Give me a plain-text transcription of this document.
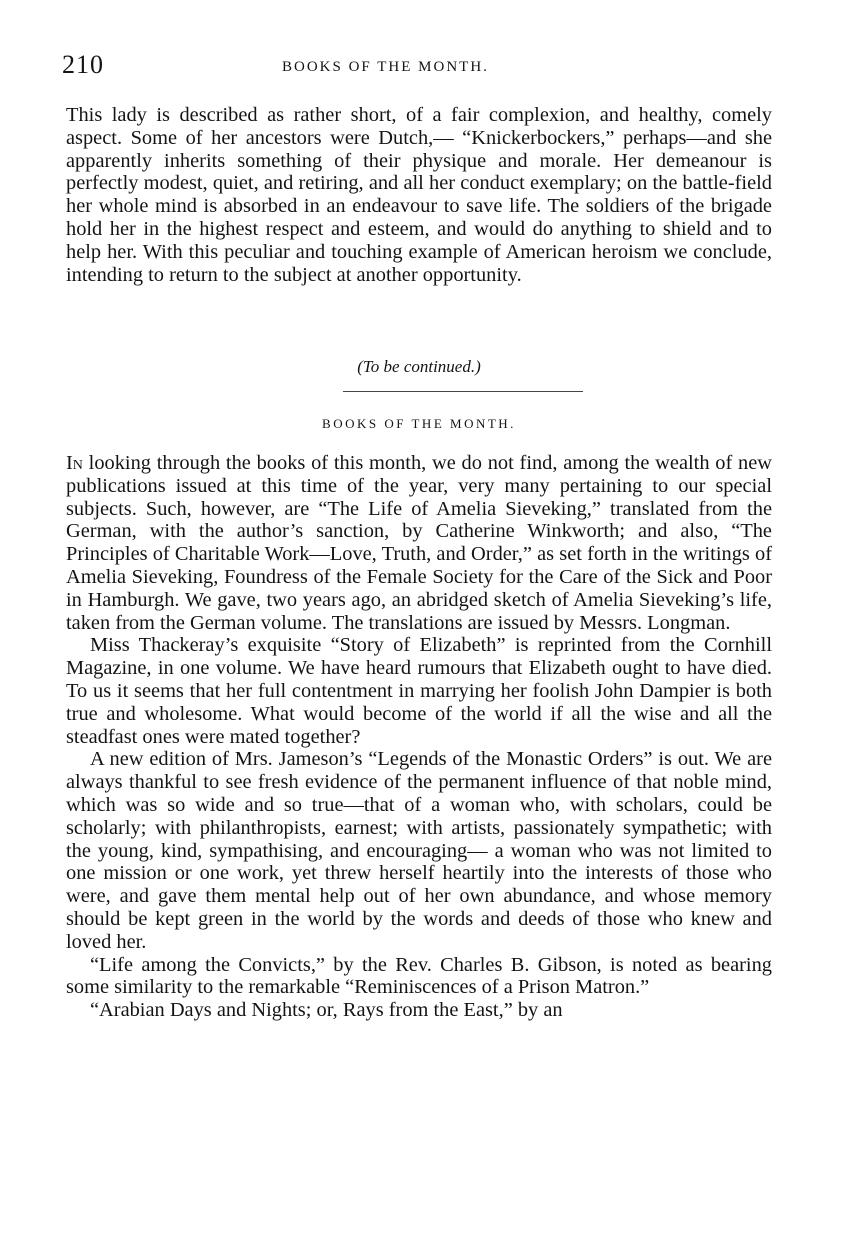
210	BOOKS OF THE MONTH.

This lady is described as rather short, of a fair complexion, and healthy, comely aspect. Some of her ancestors were Dutch,— “Knickerbockers,” perhaps—and she apparently inherits something of their physique and morale. Her demeanour is perfectly modest, quiet, and retiring, and all her conduct exemplary; on the battle-field her whole mind is absorbed in an endeavour to save life. The soldiers of the brigade hold her in the highest respect and esteem, and would do anything to shield and to help her. With this peculiar and touching example of American heroism we conclude, intending to return to the subject at another opportunity.

(To be continued.)
BOOKS OF THE MONTH.

In looking through the books of this month, we do not find, among the wealth of new publications issued at this time of the year, very many pertaining to our special subjects. Such, however, are “The Life of Amelia Sieveking,” translated from the German, with the author’s sanction, by Catherine Winkworth; and also, “The Principles of Charitable Work—Love, Truth, and Order,” as set forth in the writings of Amelia Sieveking, Foundress of the Female Society for the Care of the Sick and Poor in Hamburgh. We gave, two years ago, an abridged sketch of Amelia Sieveking’s life, taken from the German volume. The translations are issued by Messrs. Longman.

Miss Thackeray’s exquisite “Story of Elizabeth” is reprinted from the Cornhill Magazine, in one volume. We have heard rumours that Elizabeth ought to have died. To us it seems that her full contentment in marrying her foolish John Dampier is both true and wholesome. What would become of the world if all the wise and all the steadfast ones were mated together?

A new edition of Mrs. Jameson’s “Legends of the Monastic Orders” is out. We are always thankful to see fresh evidence of the permanent influence of that noble mind, which was so wide and so true—that of a woman who, with scholars, could be scholarly; with philanthropists, earnest; with artists, passionately sympathetic; with the young, kind, sympathising, and encouraging— a woman who was not limited to one mission or one work, yet threw herself heartily into the interests of those who were, and gave them mental help out of her own abundance, and whose memory should be kept green in the world by the words and deeds of those who knew and loved her.

“Life among the Convicts,” by the Rev. Charles B. Gibson, is noted as bearing some similarity to the remarkable “Reminiscences of a Prison Matron.”

“Arabian Days and Nights; or, Rays from the East,” by an
